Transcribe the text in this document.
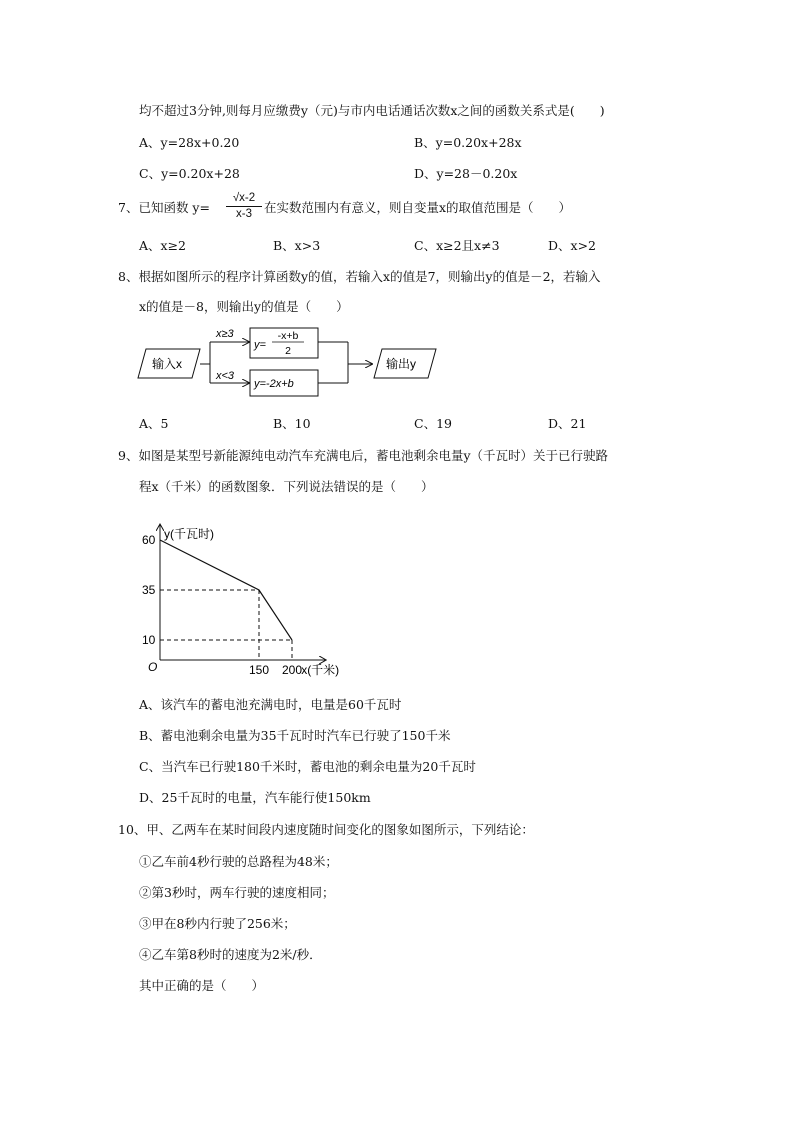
均不超过3分钟,则每月应缴费y（元)与市内电话通话次数x之间的函数关系式是(　　)
A、y=28x+0.20	B、y=0.20x+28x
C、y=0.20x+28	D、y=28－0.20x
7、已知函数 $y= \frac{√x-2}{x-3}$ 在实数范围内有意义，则自变量x的取值范围是（　　）
A、x≥2	B、x>3	C、x≥2且x≠3	D、x>2
8、根据如图所示的程序计算函数y的值，若输入x的值是7，则输出y的值是－2，若输入
x的值是－8，则输出y的值是（　　）
输入x
x≥3
x<3
y=
-x+b
2
y=-2x+b
输出y
A、5	B、10	C、19	D、21
9、如图是某型号新能源纯电动汽车充满电后，蓄电池剩余电量y（千瓦时）关于已行驶路
程x（千米）的函数图象．下列说法错误的是（　　）
y(千瓦时)
x(千米)
O
10
35
60
150 200
A、该汽车的蓄电池充满电时，电量是60千瓦时
B、蓄电池剩余电量为35千瓦时时汽车已行驶了150千米
C、当汽车已行驶180千米时，蓄电池的剩余电量为20千瓦时
D、25千瓦时的电量，汽车能行使150km
10、甲、乙两车在某时间段内速度随时间变化的图象如图所示，下列结论：
①乙车前4秒行驶的总路程为48米；
②第3秒时，两车行驶的速度相同；
③甲在8秒内行驶了256米；
④乙车第8秒时的速度为2米/秒．
其中正确的是（　　）
